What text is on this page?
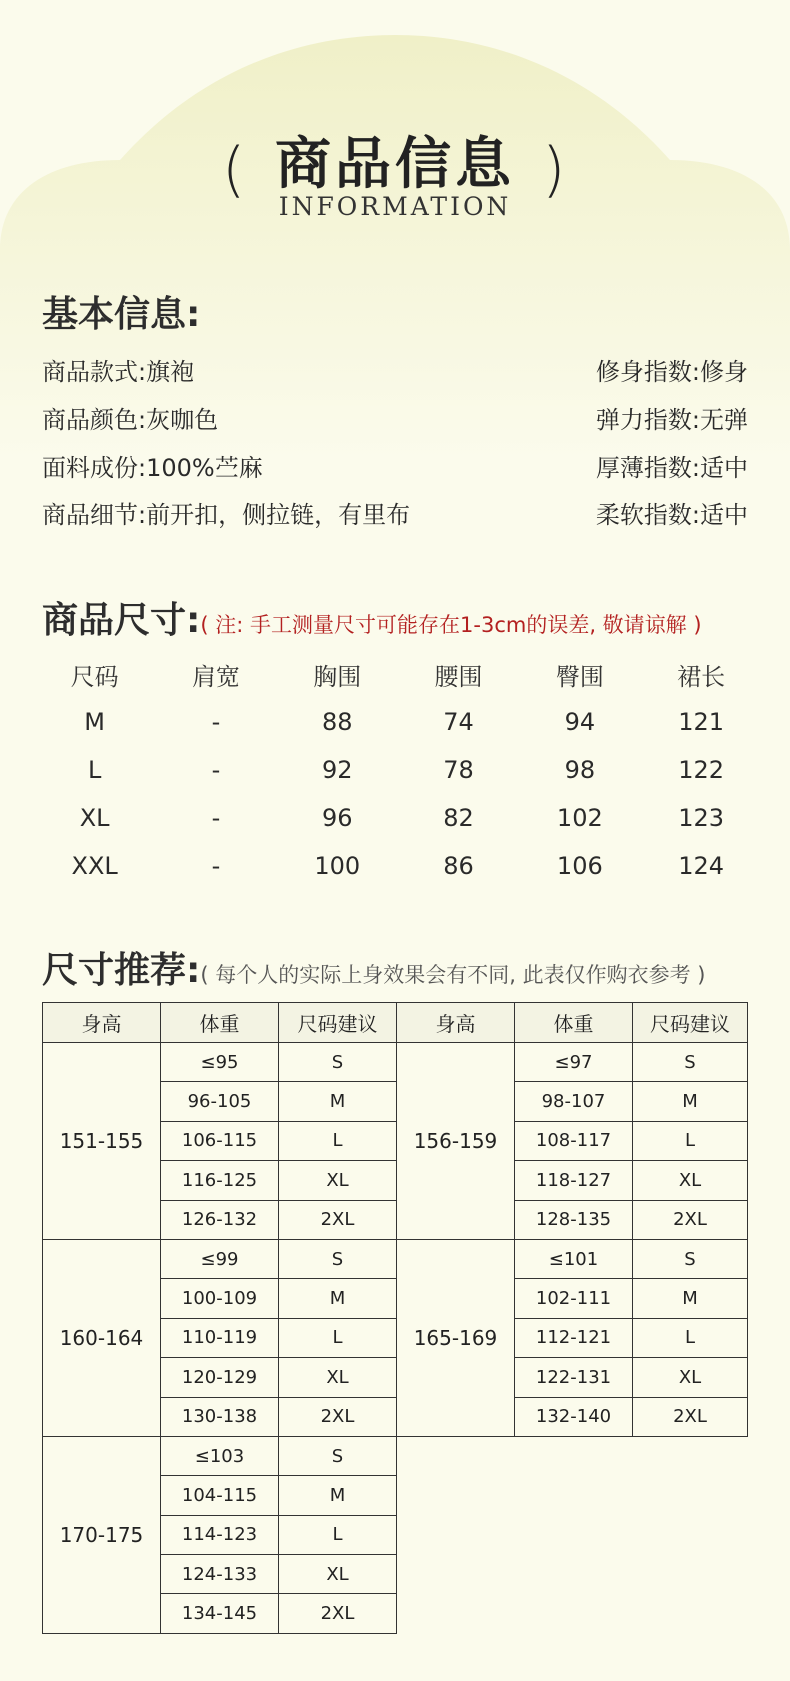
( 商品信息
INFORMATION
)
基本信息:
商品款式:旗袍
商品颜色:灰咖色
面料成份:100%苎麻
商品细节:前开扣，侧拉链，有里布
修身指数:修身
弹力指数:无弹
厚薄指数:适中
柔软指数:适中
商品尺寸:( 注: 手工测量尺寸可能存在1-3cm的误差, 敬请谅解 )
尺码	肩宽	胸围	腰围	臀围	裙长
M	-	88	74	94	121
L	-	92	78	98	122
XL	-	96	82	102	123
XXL	-	100	86	106	124
尺寸推荐:( 每个人的实际上身效果会有不同, 此表仅作购衣参考 )
身高	体重	尺码建议	身高	体重	尺码建议
151-155	≤95	S	156-159	≤97	S
	96-105	M		98-107	M
	106-115	L		108-117	L
	116-125	XL		118-127	XL
	126-132	2XL		128-135	2XL
160-164	≤99	S	165-169	≤101	S
	100-109	M		102-111	M
	110-119	L		112-121	L
	120-129	XL		122-131	XL
	130-138	2XL		132-140	2XL
170-175	≤103	S			
	104-115	M			
	114-123	L			
	124-133	XL			
	134-145	2XL			
